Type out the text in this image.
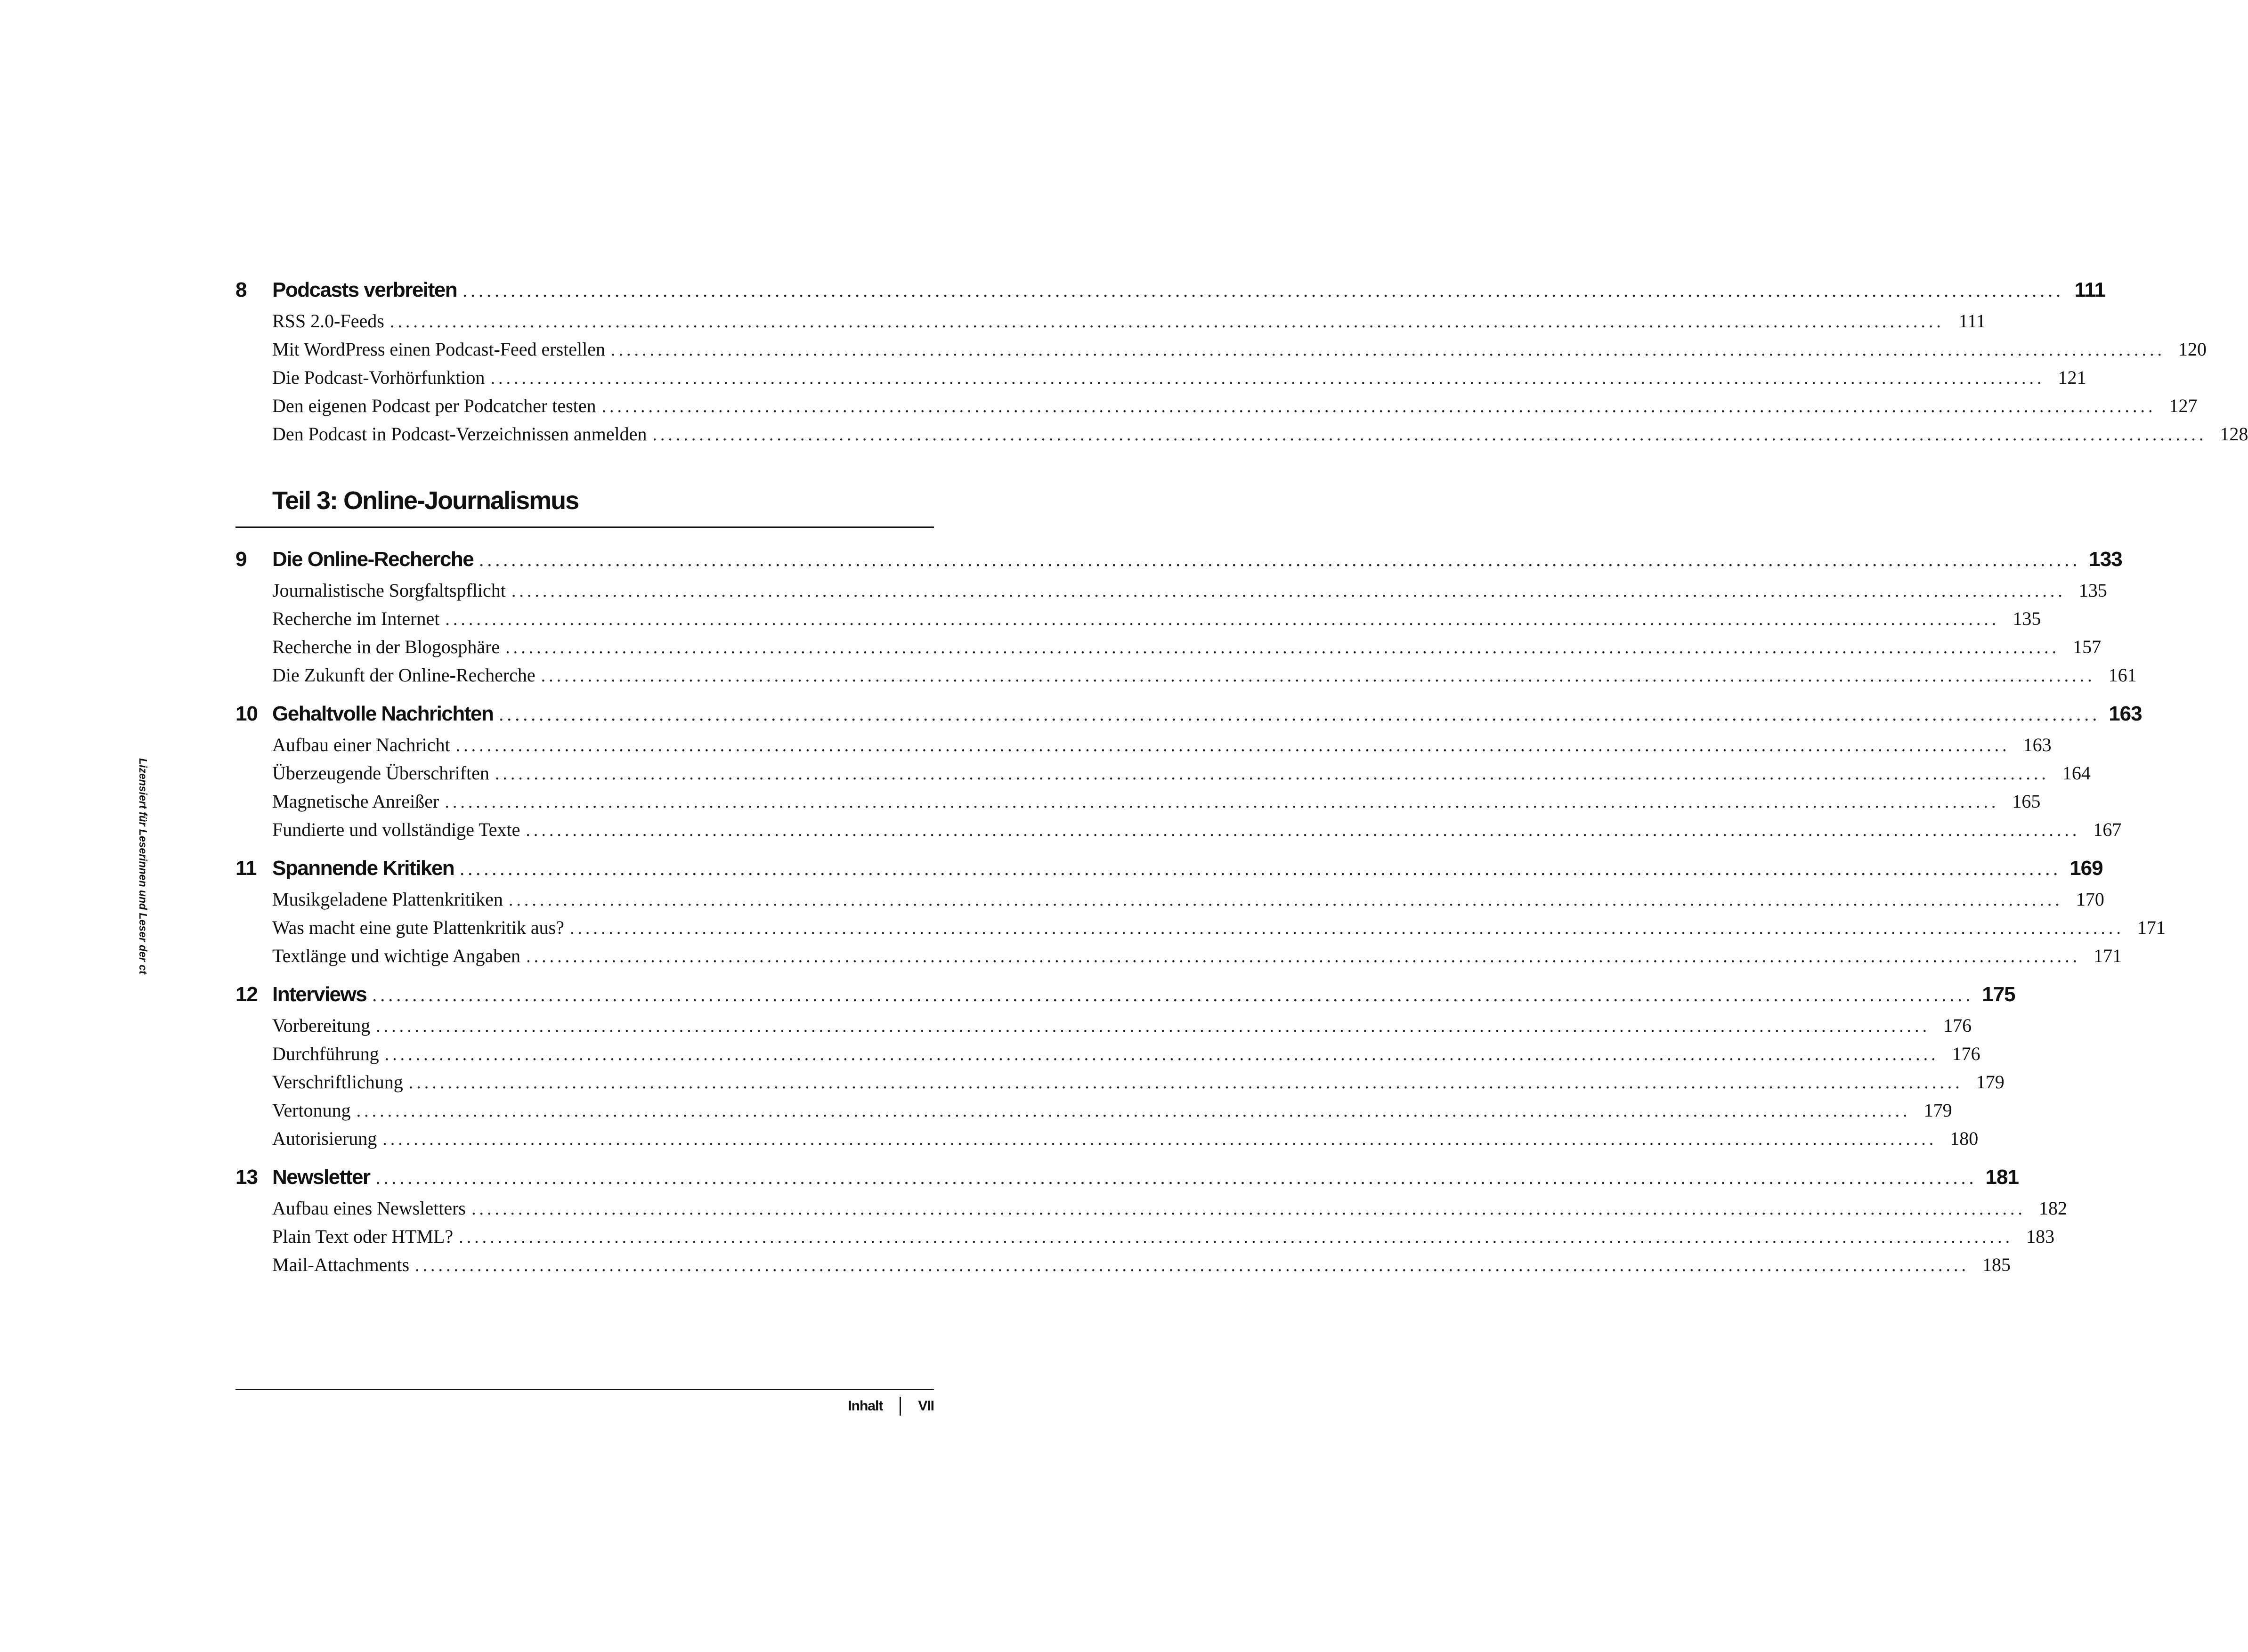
Lizensiert für Leserinnen und Leser der ct
8	Podcasts verbreiten ........................................................................................................................................................................................................ 111
RSS 2.0-Feeds ........................................................................................................................................................................................................ 111
Mit WordPress einen Podcast-Feed erstellen ........................................................................................................................................................................................................ 120
Die Podcast-Vorhörfunktion ........................................................................................................................................................................................................ 121
Den eigenen Podcast per Podcatcher testen ........................................................................................................................................................................................................ 127
Den Podcast in Podcast-Verzeichnissen anmelden ........................................................................................................................................................................................................ 128
Teil 3: Online-Journalismus
9	Die Online-Recherche ........................................................................................................................................................................................................ 133
Journalistische Sorgfaltspflicht ........................................................................................................................................................................................................ 135
Recherche im Internet ........................................................................................................................................................................................................ 135
Recherche in der Blogosphäre ........................................................................................................................................................................................................ 157
Die Zukunft der Online-Recherche ........................................................................................................................................................................................................ 161
10 Gehaltvolle Nachrichten ........................................................................................................................................................................................................ 163
Aufbau einer Nachricht ........................................................................................................................................................................................................ 163
Überzeugende Überschriften ........................................................................................................................................................................................................ 164
Magnetische Anreißer ........................................................................................................................................................................................................ 165
Fundierte und vollständige Texte ........................................................................................................................................................................................................ 167
11 Spannende Kritiken ........................................................................................................................................................................................................ 169
Musikgeladene Plattenkritiken ........................................................................................................................................................................................................ 170
Was macht eine gute Plattenkritik aus? ........................................................................................................................................................................................................ 171
Textlänge und wichtige Angaben ........................................................................................................................................................................................................ 171
12 Interviews ........................................................................................................................................................................................................ 175
Vorbereitung ........................................................................................................................................................................................................ 176
Durchführung ........................................................................................................................................................................................................ 176
Verschriftlichung ........................................................................................................................................................................................................ 179
Vertonung ........................................................................................................................................................................................................ 179
Autorisierung ........................................................................................................................................................................................................ 180
13 Newsletter ........................................................................................................................................................................................................ 181
Aufbau eines Newsletters ........................................................................................................................................................................................................ 182
Plain Text oder HTML? ........................................................................................................................................................................................................ 183
Mail-Attachments ........................................................................................................................................................................................................ 185
Inhalt	VII
